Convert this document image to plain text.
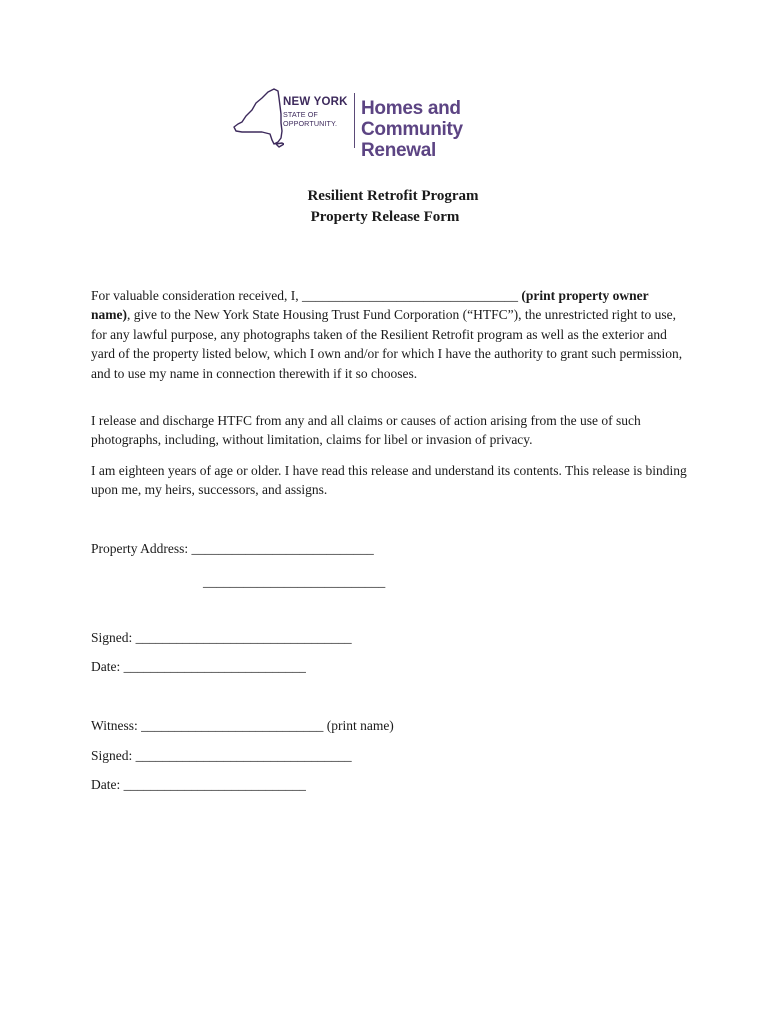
NEW YORK
STATE OF
OPPORTUNITY.
Homes and
Community Renewal
Resilient Retrofit Program
Property Release Form
For valuable consideration received, I, ________________________________ (print property owner name), give to the New York State Housing Trust Fund Corporation (“HTFC”), the unrestricted right to use, for any lawful purpose, any photographs taken of the Resilient Retrofit program as well as the exterior and yard of the property listed below, which I own and/or for which I have the authority to grant such permission, and to use my name in connection therewith if it so chooses.
I release and discharge HTFC from any and all claims or causes of action arising from the use of such photographs, including, without limitation, claims for libel or invasion of privacy.
I am eighteen years of age or older. I have read this release and understand its contents. This release is binding upon me, my heirs, successors, and assigns.
Property Address: ___________________________
___________________________
Signed: ________________________________
Date: ___________________________
Witness: ___________________________ (print name)
Signed: ________________________________
Date: ___________________________
